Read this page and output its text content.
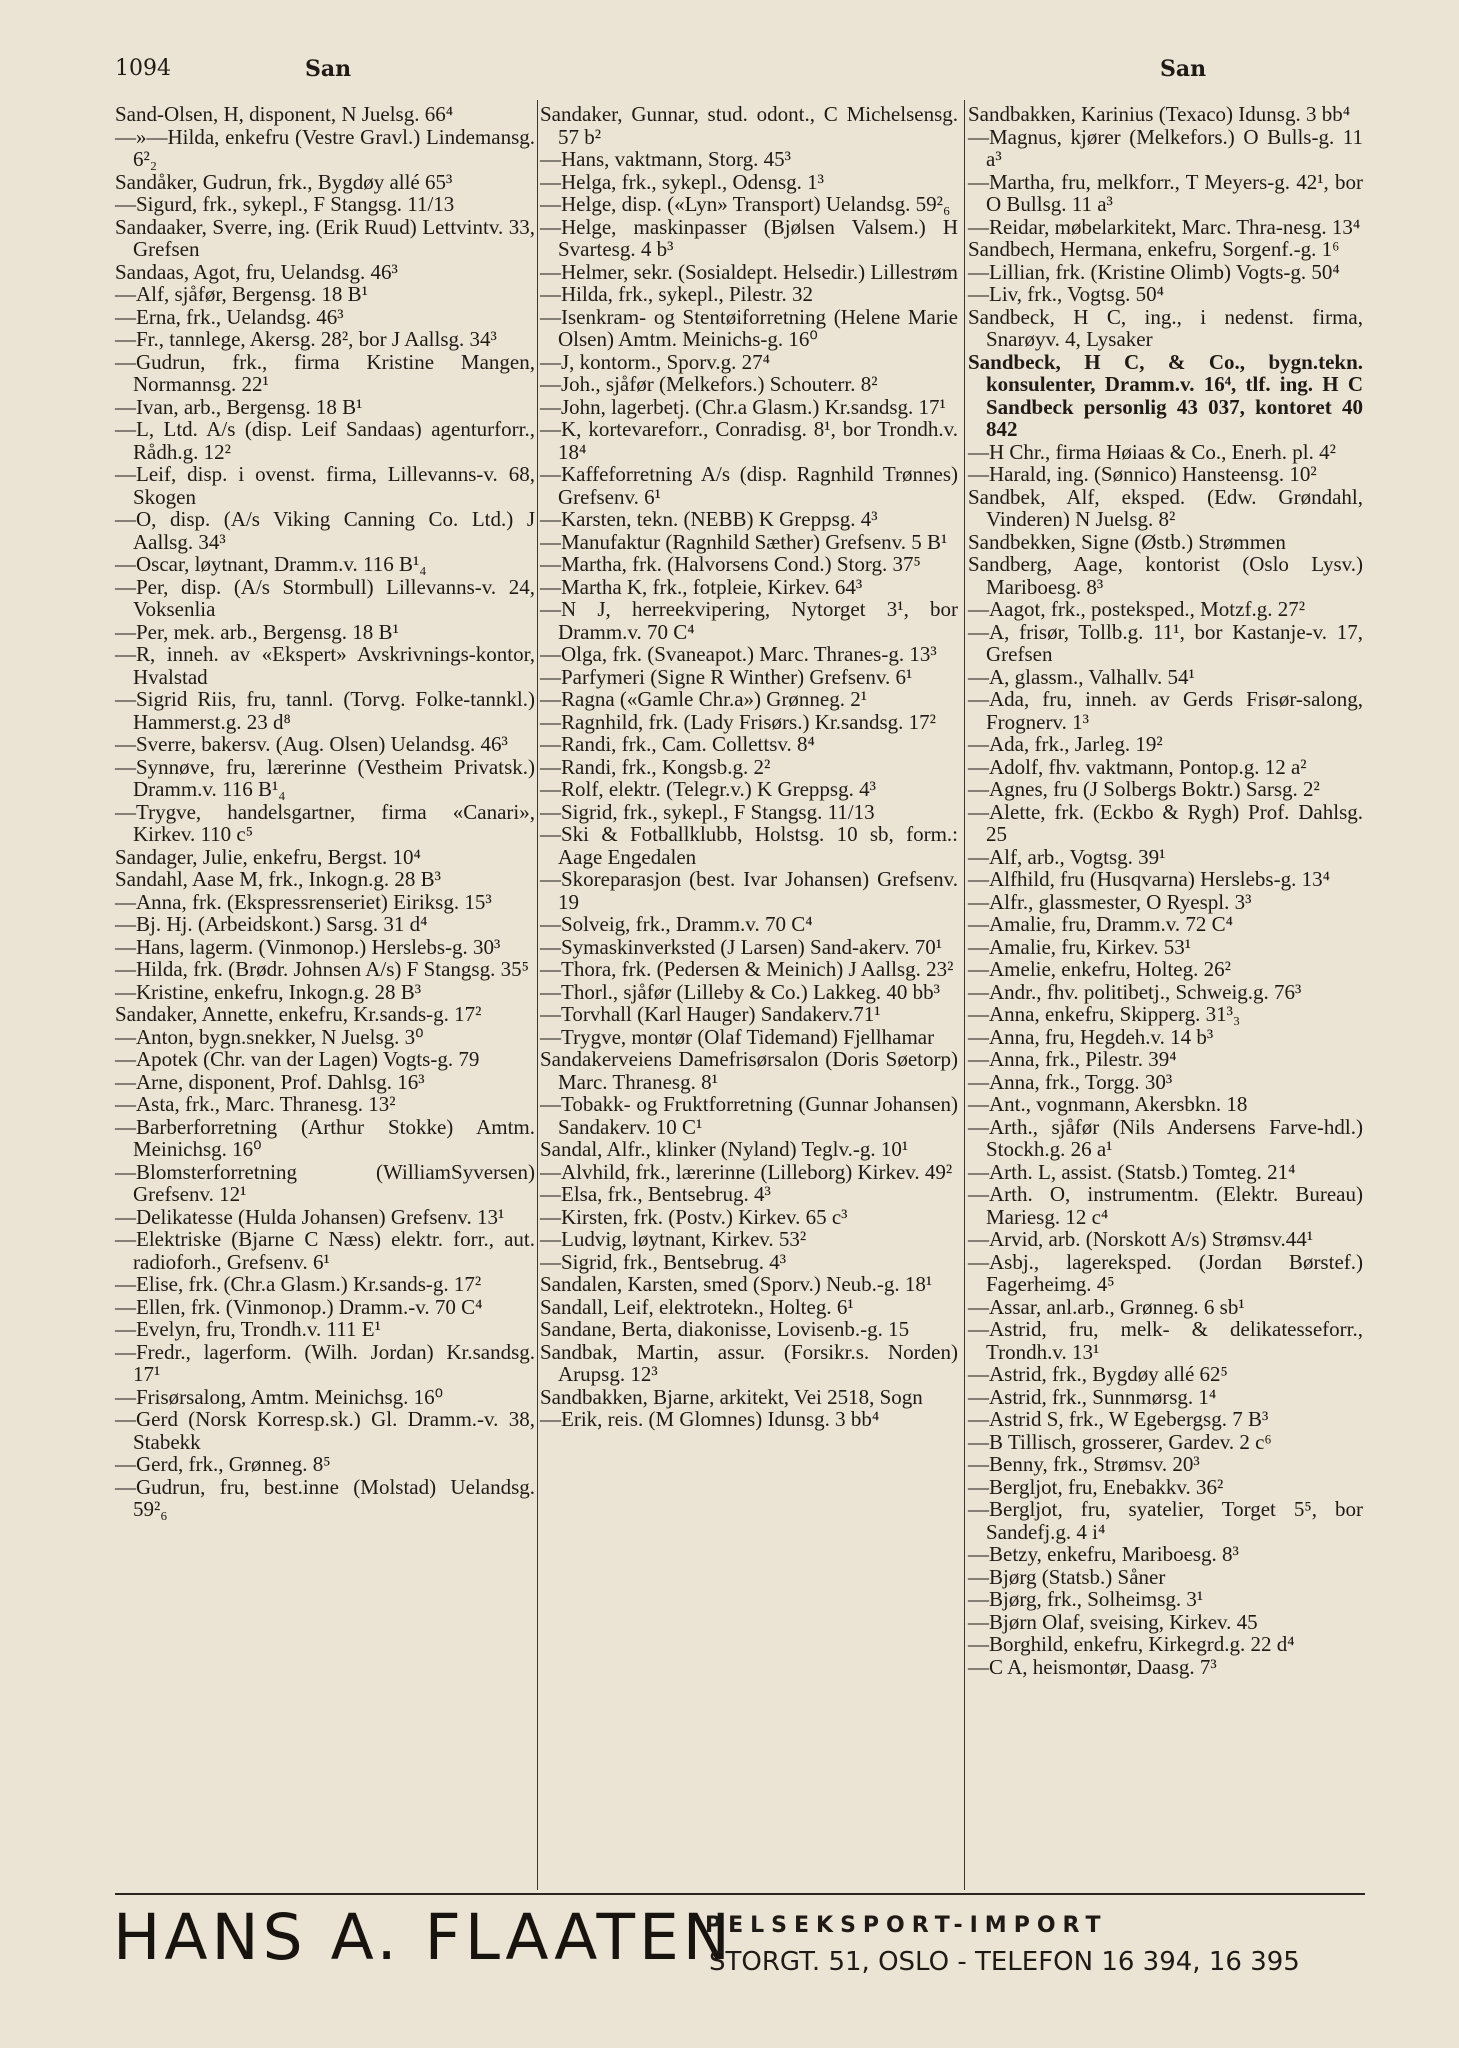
1094	San	San
Sand-Olsen, H, disponent, N Juelsg. 66⁴
—»—Hilda, enkefru (Vestre Gravl.) Lindemansg. 6²₂
Sandåker, Gudrun, frk., Bygdøy allé 65³
—Sigurd, frk., sykepl., F Stangsg. 11/13
Sandaaker, Sverre, ing. (Erik Ruud) Lettvintv. 33, Grefsen
Sandaas, Agot, fru, Uelandsg. 46³
—Alf, sjåfør, Bergensg. 18 B¹
—Erna, frk., Uelandsg. 46³
—Fr., tannlege, Akersg. 28², bor J Aallsg. 34³
—Gudrun, frk., firma Kristine Mangen, Normannsg. 22¹
—Ivan, arb., Bergensg. 18 B¹
—L, Ltd. A/s (disp. Leif Sandaas) agenturforr., Rådh.g. 12²
—Leif, disp. i ovenst. firma, Lillevanns-v. 68, Skogen
—O, disp. (A/s Viking Canning Co. Ltd.) J Aallsg. 34³
—Oscar, løytnant, Dramm.v. 116 B¹₄
—Per, disp. (A/s Stormbull) Lillevanns-v. 24, Voksenlia
—Per, mek. arb., Bergensg. 18 B¹
—R, inneh. av «Ekspert» Avskrivnings-kontor, Hvalstad
—Sigrid Riis, fru, tannl. (Torvg. Folke-tannkl.) Hammerst.g. 23 d⁸
—Sverre, bakersv. (Aug. Olsen) Uelandsg. 46³
—Synnøve, fru, lærerinne (Vestheim Privatsk.) Dramm.v. 116 B¹₄
—Trygve, handelsgartner, firma «Canari», Kirkev. 110 c⁵
Sandager, Julie, enkefru, Bergst. 10⁴
Sandahl, Aase M, frk., Inkogn.g. 28 B³
—Anna, frk. (Ekspressrenseriet) Eiriksg. 15³
—Bj. Hj. (Arbeidskont.) Sarsg. 31 d⁴
—Hans, lagerm. (Vinmonop.) Herslebs-g. 30³
—Hilda, frk. (Brødr. Johnsen A/s) F Stangsg. 35⁵
—Kristine, enkefru, Inkogn.g. 28 B³
Sandaker, Annette, enkefru, Kr.sands-g. 17²
—Anton, bygn.snekker, N Juelsg. 3⁰
—Apotek (Chr. van der Lagen) Vogts-g. 79
—Arne, disponent, Prof. Dahlsg. 16³
—Asta, frk., Marc. Thranesg. 13²
—Barberforretning (Arthur Stokke) Amtm. Meinichsg. 16⁰
—Blomsterforretning (WilliamSyversen) Grefsenv. 12¹
—Delikatesse (Hulda Johansen) Grefsenv. 13¹
—Elektriske (Bjarne C Næss) elektr. forr., aut. radioforh., Grefsenv. 6¹
—Elise, frk. (Chr.a Glasm.) Kr.sands-g. 17²
—Ellen, frk. (Vinmonop.) Dramm.-v. 70 C⁴
—Evelyn, fru, Trondh.v. 111 E¹
—Fredr., lagerform. (Wilh. Jordan) Kr.sandsg. 17¹
—Frisørsalong, Amtm. Meinichsg. 16⁰
—Gerd (Norsk Korresp.sk.) Gl. Dramm.-v. 38, Stabekk
—Gerd, frk., Grønneg. 8⁵
—Gudrun, fru, best.inne (Molstad) Uelandsg. 59²₆
Sandaker, Gunnar, stud. odont., C Michelsensg. 57 b²
—Hans, vaktmann, Storg. 45³
—Helga, frk., sykepl., Odensg. 1³
—Helge, disp. («Lyn» Transport) Uelandsg. 59²₆
—Helge, maskinpasser (Bjølsen Valsem.) H Svartesg. 4 b³
—Helmer, sekr. (Sosialdept. Helsedir.) Lillestrøm
—Hilda, frk., sykepl., Pilestr. 32
—Isenkram- og Stentøiforretning (Helene Marie Olsen) Amtm. Meinichs-g. 16⁰
—J, kontorm., Sporv.g. 27⁴
—Joh., sjåfør (Melkefors.) Schouterr. 8²
—John, lagerbetj. (Chr.a Glasm.) Kr.sandsg. 17¹
—K, kortevareforr., Conradisg. 8¹, bor Trondh.v. 18⁴
—Kaffeforretning A/s (disp. Ragnhild Trønnes) Grefsenv. 6¹
—Karsten, tekn. (NEBB) K Greppsg. 4³
—Manufaktur (Ragnhild Sæther) Grefsenv. 5 B¹
—Martha, frk. (Halvorsens Cond.) Storg. 37⁵
—Martha K, frk., fotpleie, Kirkev. 64³
—N J, herreekvipering, Nytorget 3¹, bor Dramm.v. 70 C⁴
—Olga, frk. (Svaneapot.) Marc. Thranes-g. 13³
—Parfymeri (Signe R Winther) Grefsenv. 6¹
—Ragna («Gamle Chr.a») Grønneg. 2¹
—Ragnhild, frk. (Lady Frisørs.) Kr.sandsg. 17²
—Randi, frk., Cam. Collettsv. 8⁴
—Randi, frk., Kongsb.g. 2²
—Rolf, elektr. (Telegr.v.) K Greppsg. 4³
—Sigrid, frk., sykepl., F Stangsg. 11/13
—Ski & Fotballklubb, Holstsg. 10 sb, form.: Aage Engedalen
—Skoreparasjon (best. Ivar Johansen) Grefsenv. 19
—Solveig, frk., Dramm.v. 70 C⁴
—Symaskinverksted (J Larsen) Sand-akerv. 70¹
—Thora, frk. (Pedersen & Meinich) J Aallsg. 23²
—Thorl., sjåfør (Lilleby & Co.) Lakkeg. 40 bb³
—Torvhall (Karl Hauger) Sandakerv.71¹
—Trygve, montør (Olaf Tidemand) Fjellhamar
Sandakerveiens Damefrisørsalon (Doris Søetorp) Marc. Thranesg. 8¹
—Tobakk- og Fruktforretning (Gunnar Johansen) Sandakerv. 10 C¹
Sandal, Alfr., klinker (Nyland) Teglv.-g. 10¹
—Alvhild, frk., lærerinne (Lilleborg) Kirkev. 49²
—Elsa, frk., Bentsebrug. 4³
—Kirsten, frk. (Postv.) Kirkev. 65 c³
—Ludvig, løytnant, Kirkev. 53²
—Sigrid, frk., Bentsebrug. 4³
Sandalen, Karsten, smed (Sporv.) Neub.-g. 18¹
Sandall, Leif, elektrotekn., Holteg. 6¹
Sandane, Berta, diakonisse, Lovisenb.-g. 15
Sandbak, Martin, assur. (Forsikr.s. Norden) Arupsg. 12³
Sandbakken, Bjarne, arkitekt, Vei 2518, Sogn
—Erik, reis. (M Glomnes) Idunsg. 3 bb⁴
Sandbakken, Karinius (Texaco) Idunsg. 3 bb⁴
—Magnus, kjører (Melkefors.) O Bulls-g. 11 a³
—Martha, fru, melkforr., T Meyers-g. 42¹, bor O Bullsg. 11 a³
—Reidar, møbelarkitekt, Marc. Thra-nesg. 13⁴
Sandbech, Hermana, enkefru, Sorgenf.-g. 1⁶
—Lillian, frk. (Kristine Olimb) Vogts-g. 50⁴
—Liv, frk., Vogtsg. 50⁴
Sandbeck, H C, ing., i nedenst. firma, Snarøyv. 4, Lysaker
Sandbeck, H C, & Co., bygn.tekn. konsulenter, Dramm.v. 16⁴, tlf. ing. H C Sandbeck personlig 43 037, kontoret 40 842
—H Chr., firma Høiaas & Co., Enerh. pl. 4²
—Harald, ing. (Sønnico) Hansteensg. 10²
Sandbek, Alf, eksped. (Edw. Grøndahl, Vinderen) N Juelsg. 8²
Sandbekken, Signe (Østb.) Strømmen
Sandberg, Aage, kontorist (Oslo Lysv.) Mariboesg. 8³
—Aagot, frk., posteksped., Motzf.g. 27²
—A, frisør, Tollb.g. 11¹, bor Kastanje-v. 17, Grefsen
—A, glassm., Valhallv. 54¹
—Ada, fru, inneh. av Gerds Frisør-salong, Frognerv. 1³
—Ada, frk., Jarleg. 19²
—Adolf, fhv. vaktmann, Pontop.g. 12 a²
—Agnes, fru (J Solbergs Boktr.) Sarsg. 2²
—Alette, frk. (Eckbo & Rygh) Prof. Dahlsg. 25
—Alf, arb., Vogtsg. 39¹
—Alfhild, fru (Husqvarna) Herslebs-g. 13⁴
—Alfr., glassmester, O Ryespl. 3³
—Amalie, fru, Dramm.v. 72 C⁴
—Amalie, fru, Kirkev. 53¹
—Amelie, enkefru, Holteg. 26²
—Andr., fhv. politibetj., Schweig.g. 76³
—Anna, enkefru, Skipperg. 31³₃
—Anna, fru, Hegdeh.v. 14 b³
—Anna, frk., Pilestr. 39⁴
—Anna, frk., Torgg. 30³
—Ant., vognmann, Akersbkn. 18
—Arth., sjåfør (Nils Andersens Farve-hdl.) Stockh.g. 26 a¹
—Arth. L, assist. (Statsb.) Tomteg. 21⁴
—Arth. O, instrumentm. (Elektr. Bureau) Mariesg. 12 c⁴
—Arvid, arb. (Norskott A/s) Strømsv.44¹
—Asbj., lagereksped. (Jordan Børstef.) Fagerheimg. 4⁵
—Assar, anl.arb., Grønneg. 6 sb¹
—Astrid, fru, melk- & delikatesseforr., Trondh.v. 13¹
—Astrid, frk., Bygdøy allé 62⁵
—Astrid, frk., Sunnmørsg. 1⁴
—Astrid S, frk., W Egebergsg. 7 B³
—B Tillisch, grosserer, Gardev. 2 c⁶
—Benny, frk., Strømsv. 20³
—Bergljot, fru, Enebakkv. 36²
—Bergljot, fru, syatelier, Torget 5⁵, bor Sandefj.g. 4 i⁴
—Betzy, enkefru, Mariboesg. 8³
—Bjørg (Statsb.) Såner
—Bjørg, frk., Solheimsg. 3¹
—Bjørn Olaf, sveising, Kirkev. 45
—Borghild, enkefru, Kirkegrd.g. 22 d⁴
—C A, heismontør, Daasg. 7³
HANS A. FLAATEN
PELSEKSPORT-IMPORT
STORGT. 51, OSLO - TELEFON 16 394, 16 395
